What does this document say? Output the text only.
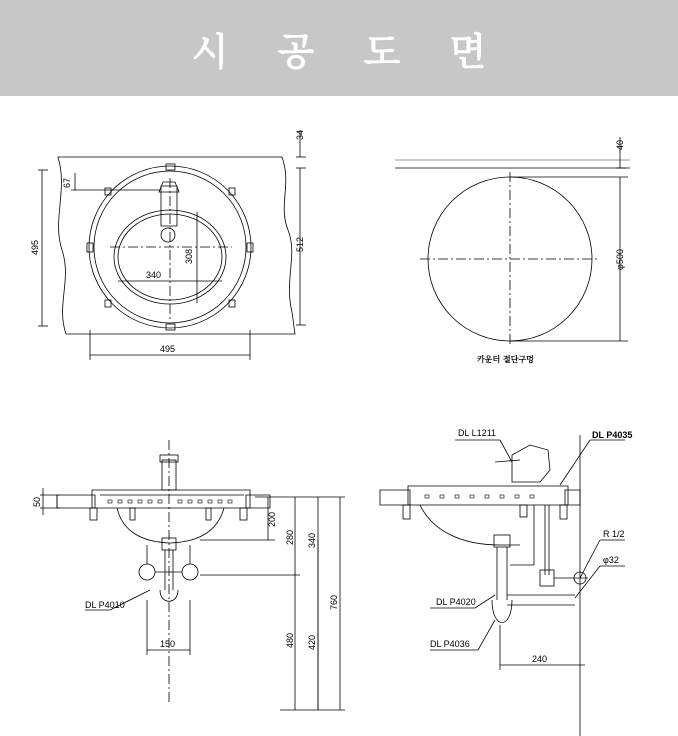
시 공 도 면
34
67
308
340
495	512
495
40
φ500
카운터 절단구멍
50
200
280 340
760
480 420
150
DL P4010
DL L1211	DL P4035
R 1/2
φ32
DL P4020
DL P4036
240
